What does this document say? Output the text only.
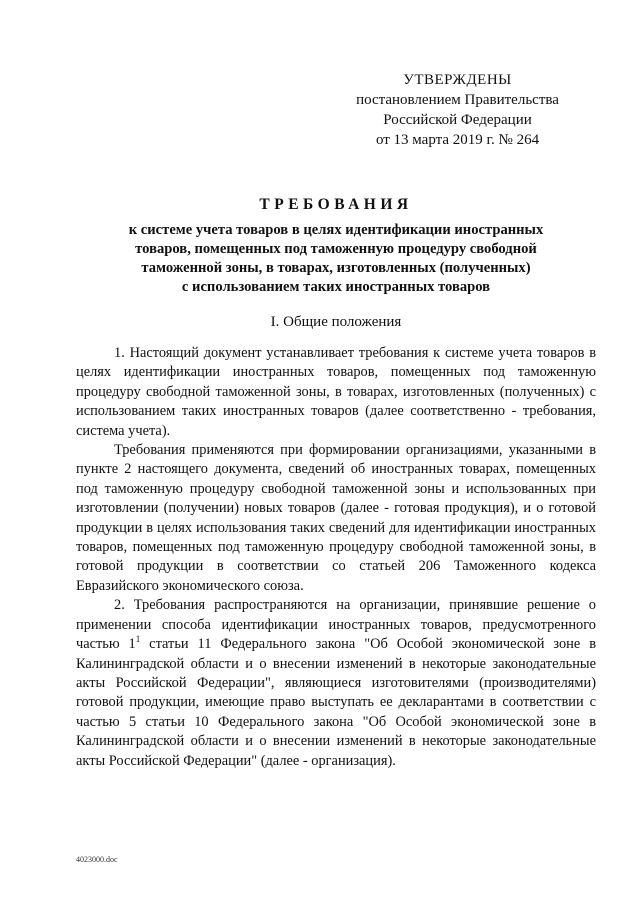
УТВЕРЖДЕНЫ
постановлением Правительства
Российской Федерации
от 13 марта 2019 г. № 264
ТРЕБОВАНИЯ
к системе учета товаров в целях идентификации иностранных
товаров, помещенных под таможенную процедуру свободной
таможенной зоны, в товарах, изготовленных (полученных)
с использованием таких иностранных товаров
I. Общие положения

1. Настоящий документ устанавливает требования к системе учета товаров в целях идентификации иностранных товаров, помещенных под таможенную процедуру свободной таможенной зоны, в товарах, изготовленных (полученных) с использованием таких иностранных товаров (далее соответственно - требования, система учета).

Требования применяются при формировании организациями, указанными в пункте 2 настоящего документа, сведений об иностранных товарах, помещенных под таможенную процедуру свободной таможенной зоны и использованных при изготовлении (получении) новых товаров (далее - готовая продукция), и о готовой продукции в целях использования таких сведений для идентификации иностранных товаров, помещенных под таможенную процедуру свободной таможенной зоны, в готовой продукции в соответствии со статьей 206 Таможенного кодекса Евразийского экономического союза.

2. Требования распространяются на организации, принявшие решение о применении способа идентификации иностранных товаров, предусмотренного частью $1^1$ статьи 11 Федерального закона "Об Особой экономической зоне в Калининградской области и о внесении изменений в некоторые законодательные акты Российской Федерации", являющиеся изготовителями (производителями) готовой продукции, имеющие право выступать ее декларантами в соответствии с частью 5 статьи 10 Федерального закона "Об Особой экономической зоне в Калининградской области и о внесении изменений в некоторые законодательные акты Российской Федерации" (далее - организация).

4023000.doc
